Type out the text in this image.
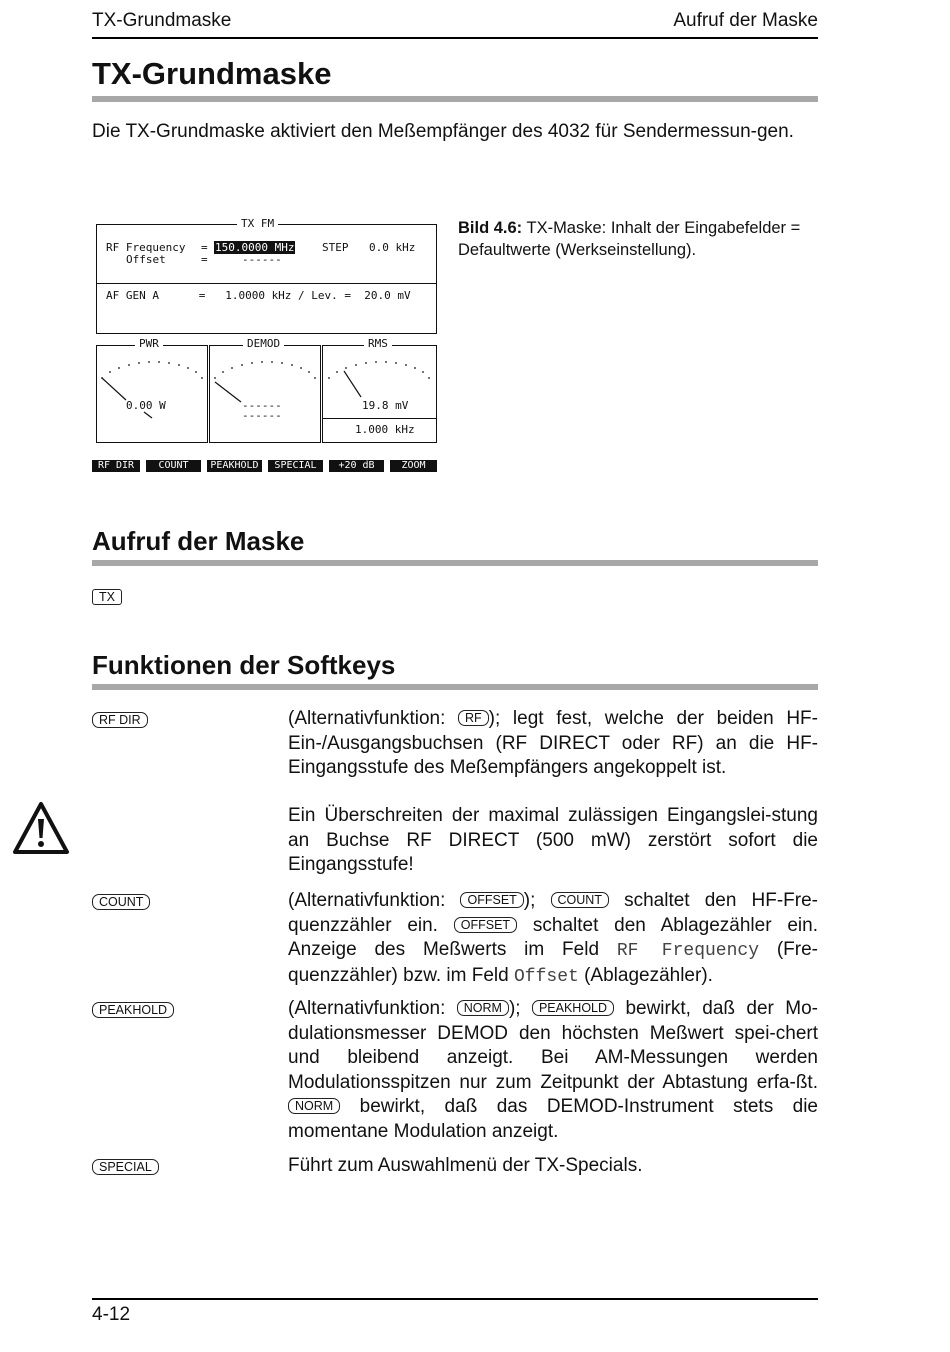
TX-Grundmaske	Aufruf der Maske
TX-Grundmaske
Die TX-Grundmaske aktiviert den Meßempfänger des 4032 für Sendermessun-gen.
TX FM
RF Frequency = 150.0000 MHz	STEP 0.0 kHz
Offset	=	------
AF GEN A      =   1.0000 kHz / Lev. =  20.0 mV
PWR	DEMOD	RMS
0.00 W	------
------
19.8 mV
1.000 kHz
RF DIR	COUNT	PEAKHOLD	SPECIAL	+20 dB	ZOOM
Bild 4.6: TX-Maske: Inhalt der Eingabefelder = Defaultwerte (Werkseinstellung).
Aufruf der Maske
TX
Funktionen der Softkeys
RF DIR	(Alternativfunktion: RF ); legt fest, welche der beiden HF-Ein-/Ausgangsbuchsen (RF DIRECT oder RF) an die HF-Eingangsstufe des Meßempfängers angekoppelt ist.
Ein Überschreiten der maximal zulässigen Eingangslei-stung an Buchse RF DIRECT (500 mW) zerstört sofort die Eingangsstufe!
COUNT	(Alternativfunktion: OFFSET ); COUNT schaltet den HF-Fre-quenzzähler ein. OFFSET schaltet den Ablagezähler ein. Anzeige des Meßwerts im Feld RF Frequency (Fre-quenzzähler) bzw. im Feld Offset (Ablagezähler).
PEAKHOLD	(Alternativfunktion: NORM ); PEAKHOLD bewirkt, daß der Mo-dulationsmesser DEMOD den höchsten Meßwert spei-chert und bleibend anzeigt. Bei AM-Messungen werden Modulationsspitzen nur zum Zeitpunkt der Abtastung erfa-ßt. NORM bewirkt, daß das DEMOD-Instrument stets die momentane Modulation anzeigt.
SPECIAL	Führt zum Auswahlmenü der TX-Specials.
4-12
